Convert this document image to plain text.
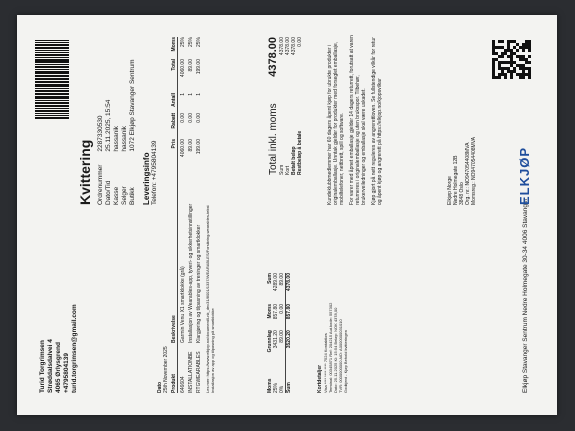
Turid Torgrimsen Strøddalsdalvei 4 4065 Ørlysgrend +4795804139 turid.torgrimsen@gmail.com
Kvittering Ordrenummer	2287330530
Dato/Tid	25.11.2025, 15:54
Kasse	hassanik
Selger	hassanik
Butikk	1072 Elkjøp Stavanger Sentrum
Leveringsinfo Telefon: +4795804139
Dato 25th November 2025 Produkt	Beskrivelse	Pris	Rabatt	Antall	Total	Moms
646604	Garmin Venu X1 smartklokke (grå)	4060.00	0.00	1	4060.00	25%
INSTALLATIONBE	Installasjon av Wearables-app, tyveri- og sikkerhetsinnstillinger	89.00	0.00	1	89.00	25%
RTGWEARABLES	Klargjøring og tilpasning av treninger og smartklokker	199.00	0.00	1	199.00	25%
Les mer: https://www.elkjop.no/document/Lnk_dec31/8001/1337/WEARABLES/Forsikring-wearables-tekst Installasjon av app og tilpasning på smartklokke	Moms	Grunnlag	Moms	Sum
25%	3431.20	857.80	4289.00
0%	89.00	0.00	89.00
Sum	3520.20	857.80	4378.00
Total inkl. moms
4378.00
Sum
4378.00
Kort
4378.00
Betalt beløp
4378.00
Restbeløp å betale
0.00
Kortdetaljer Visa **** **** **** 7524 Kontaktløs Terminal: 00345871 Ref: 204215 Aut.kode: 557302 Dato: 25.11.2025 Kl: 15:54 Beløp: NOK 4378,00 TVR: 0000000000 AID: A0000000031010 Godkjent - Kjøp Behold kvitteringen
Kundeklubbmedlemmer har 60 dagers åpent kjøp for ubrukte produkter i originalemballasje. Unntak gjelder for produkter med forseglet emballasje, mobiltelefoner, nettbrett, spill og software. For varer med åpnet emballasje gjelder 14 dagers returrett, forutsatt at varen returneres i originalemballasje og uten bruksspor. Tilbehør, brukerveiledninger og emballasje skal være uskadet. Kjøp gjort på nett reguleres av angrerettloven. Se fullstendige vilkår for retur og åpent kjøp og angrerett på https://elkjop.no/kjopsvilkar	Elkjøp Norge Nedre Holmegate 12B 3848 Oslo Org. nr.: NO947054408MVA Momsreg.: NO947054408MVA
Elkjøp Stavanger Sentrum Nedre Holmegate 30-34 4006 Stavanger
ELKJØP
